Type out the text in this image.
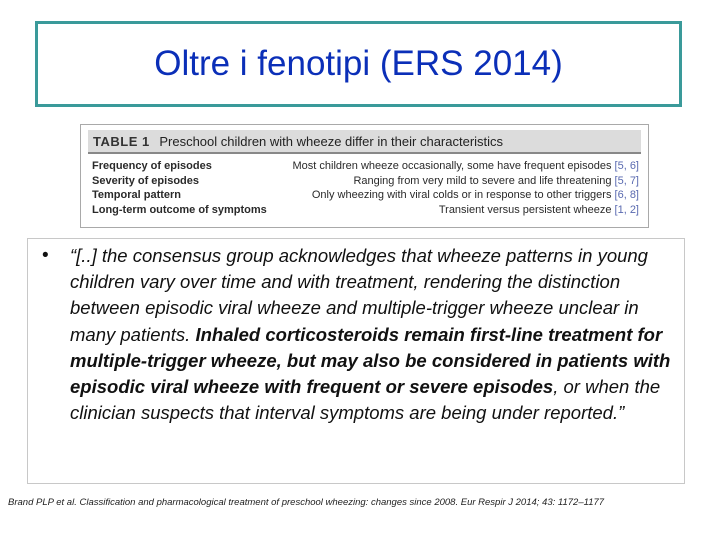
Oltre i fenotipi (ERS 2014)
TABLE 1 Preschool children with wheeze differ in their characteristics
Frequency of episodes	Most children wheeze occasionally, some have frequent episodes [5, 6]
Severity of episodes	Ranging from very mild to severe and life threatening [5, 7]
Temporal pattern	Only wheezing with viral colds or in response to other triggers [6, 8]
Long-term outcome of symptoms	Transient versus persistent wheeze [1, 2]
• “[..] the consensus group acknowledges that wheeze patterns in young children vary over time and with treatment, rendering the distinction between episodic viral wheeze and multiple-trigger wheeze unclear in many patients. Inhaled corticosteroids remain first-line treatment for multiple-trigger wheeze, but may also be considered in patients with episodic viral wheeze with frequent or severe episodes, or when the clinician suspects that interval symptoms are being under reported.”

Brand PLP et al. Classification and pharmacological treatment of preschool wheezing: changes since 2008. Eur Respir J 2014; 43: 1172–1177
